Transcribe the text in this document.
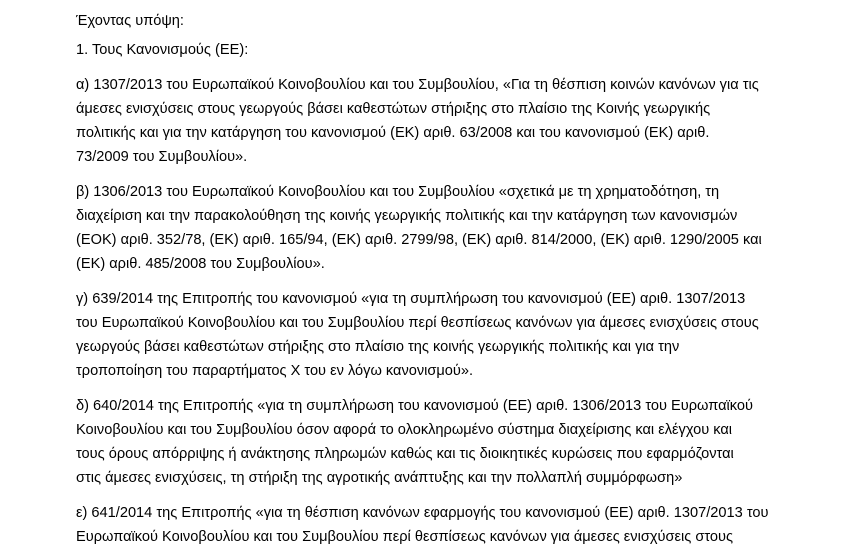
Έχοντας υπόψη:

1. Τους Κανονισμούς (ΕΕ):

α) 1307/2013 του Ευρωπαϊκού Κοινοβουλίου και του Συμβουλίου, «Για τη θέσπιση κοινών κανόνων για τις

άμεσες ενισχύσεις στους γεωργούς βάσει καθεστώτων στήριξης στο πλαίσιο της Κοινής γεωργικής

πολιτικής και για την κατάργηση του κανονισμού (ΕΚ) αριθ. 63/2008 και του κανονισμού (ΕΚ) αριθ.

73/2009 του Συμβουλίου».

β) 1306/2013 του Ευρωπαϊκού Κοινοβουλίου και του Συμβουλίου «σχετικά με τη χρηματοδότηση, τη

διαχείριση και την παρακολούθηση της κοινής γεωργικής πολιτικής και την κατάργηση των κανονισμών

(ΕΟΚ) αριθ. 352/78, (ΕΚ) αριθ. 165/94, (ΕΚ) αριθ. 2799/98, (ΕΚ) αριθ. 814/2000, (ΕΚ) αριθ. 1290/2005 και

(ΕΚ) αριθ. 485/2008 του Συμβουλίου».

γ) 639/2014 της Επιτροπής του κανονισμού «για τη συμπλήρωση του κανονισμού (ΕΕ) αριθ. 1307/2013

του Ευρωπαϊκού Κοινοβουλίου και του Συμβουλίου περί θεσπίσεως κανόνων για άμεσες ενισχύσεις στους

γεωργούς βάσει καθεστώτων στήριξης στο πλαίσιο της κοινής γεωργικής πολιτικής και για την

τροποποίηση του παραρτήματος Χ του εν λόγω κανονισμού».

δ) 640/2014 της Επιτροπής «για τη συμπλήρωση του κανονισμού (ΕΕ) αριθ. 1306/2013 του Ευρωπαϊκού

Κοινοβουλίου και του Συμβουλίου όσον αφορά το ολοκληρωμένο σύστημα διαχείρισης και ελέγχου και

τους όρους απόρριψης ή ανάκτησης πληρωμών καθώς και τις διοικητικές κυρώσεις που εφαρμόζονται

στις άμεσες ενισχύσεις, τη στήριξη της αγροτικής ανάπτυξης και την πολλαπλή συμμόρφωση»

ε) 641/2014 της Επιτροπής «για τη θέσπιση κανόνων εφαρμογής του κανονισμού (ΕΕ) αριθ. 1307/2013 του

Ευρωπαϊκού Κοινοβουλίου και του Συμβουλίου περί θεσπίσεως κανόνων για άμεσες ενισχύσεις στους
